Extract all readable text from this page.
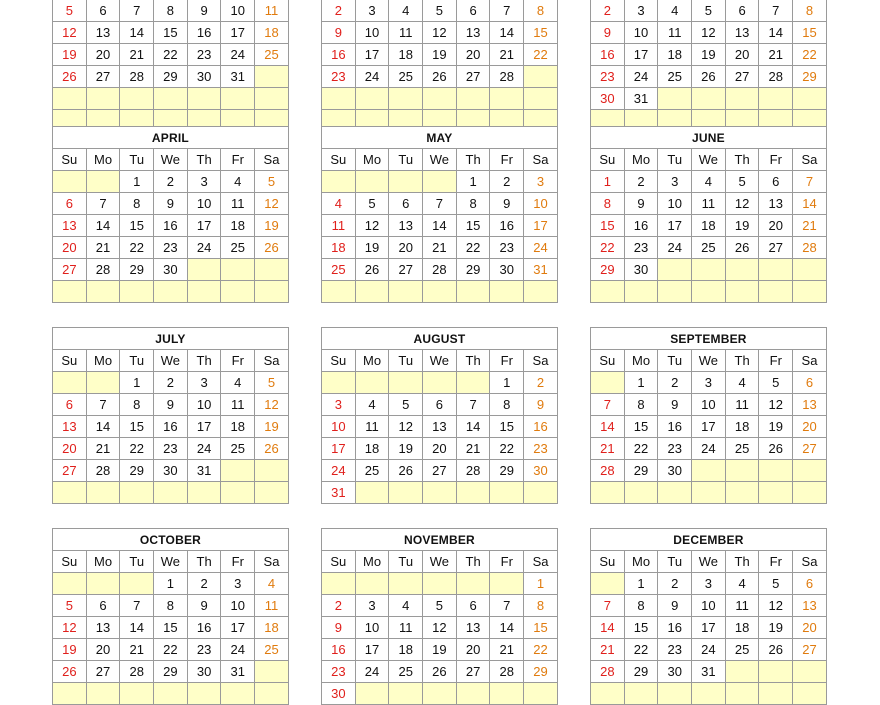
5	6	7	8	9	10	11
12	13	14	15	16	17	18
19	20	21	22	23	24	25
26	27	28	29	30	31	

2	3	4	5	6	7	8
9	10	11	12	13	14	15
16	17	18	19	20	21	22
23	24	25	26	27	28	

2	3	4	5	6	7	8
9	10	11	12	13	14	15
16	17	18	19	20	21	22
23	24	25	26	27	28	29
30	31					

APRIL						
Su	Mo	Tu	We	Th	Fr	Sa
		1	2	3	4	5
6	7	8	9	10	11	12
13	14	15	16	17	18	19
20	21	22	23	24	25	26
27	28	29	30			

MAY						
Su	Mo	Tu	We	Th	Fr	Sa
				1	2	3
4	5	6	7	8	9	10
11	12	13	14	15	16	17
18	19	20	21	22	23	24
25	26	27	28	29	30	31

JUNE						
Su	Mo	Tu	We	Th	Fr	Sa
1	2	3	4	5	6	7
8	9	10	11	12	13	14
15	16	17	18	19	20	21
22	23	24	25	26	27	28
29	30					

JULY						
Su	Mo	Tu	We	Th	Fr	Sa
		1	2	3	4	5
6	7	8	9	10	11	12
13	14	15	16	17	18	19
20	21	22	23	24	25	26
27	28	29	30	31		

AUGUST						
Su	Mo	Tu	We	Th	Fr	Sa
					1	2
3	4	5	6	7	8	9
10	11	12	13	14	15	16
17	18	19	20	21	22	23
24	25	26	27	28	29	30
31						
SEPTEMBER						
Su	Mo	Tu	We	Th	Fr	Sa
	1	2	3	4	5	6
7	8	9	10	11	12	13
14	15	16	17	18	19	20
21	22	23	24	25	26	27
28	29	30				

OCTOBER						
Su	Mo	Tu	We	Th	Fr	Sa
			1	2	3	4
5	6	7	8	9	10	11
12	13	14	15	16	17	18
19	20	21	22	23	24	25
26	27	28	29	30	31	

NOVEMBER						
Su	Mo	Tu	We	Th	Fr	Sa
						1
2	3	4	5	6	7	8
9	10	11	12	13	14	15
16	17	18	19	20	21	22
23	24	25	26	27	28	29
30						
DECEMBER						
Su	Mo	Tu	We	Th	Fr	Sa
	1	2	3	4	5	6
7	8	9	10	11	12	13
14	15	16	17	18	19	20
21	22	23	24	25	26	27
28	29	30	31			
